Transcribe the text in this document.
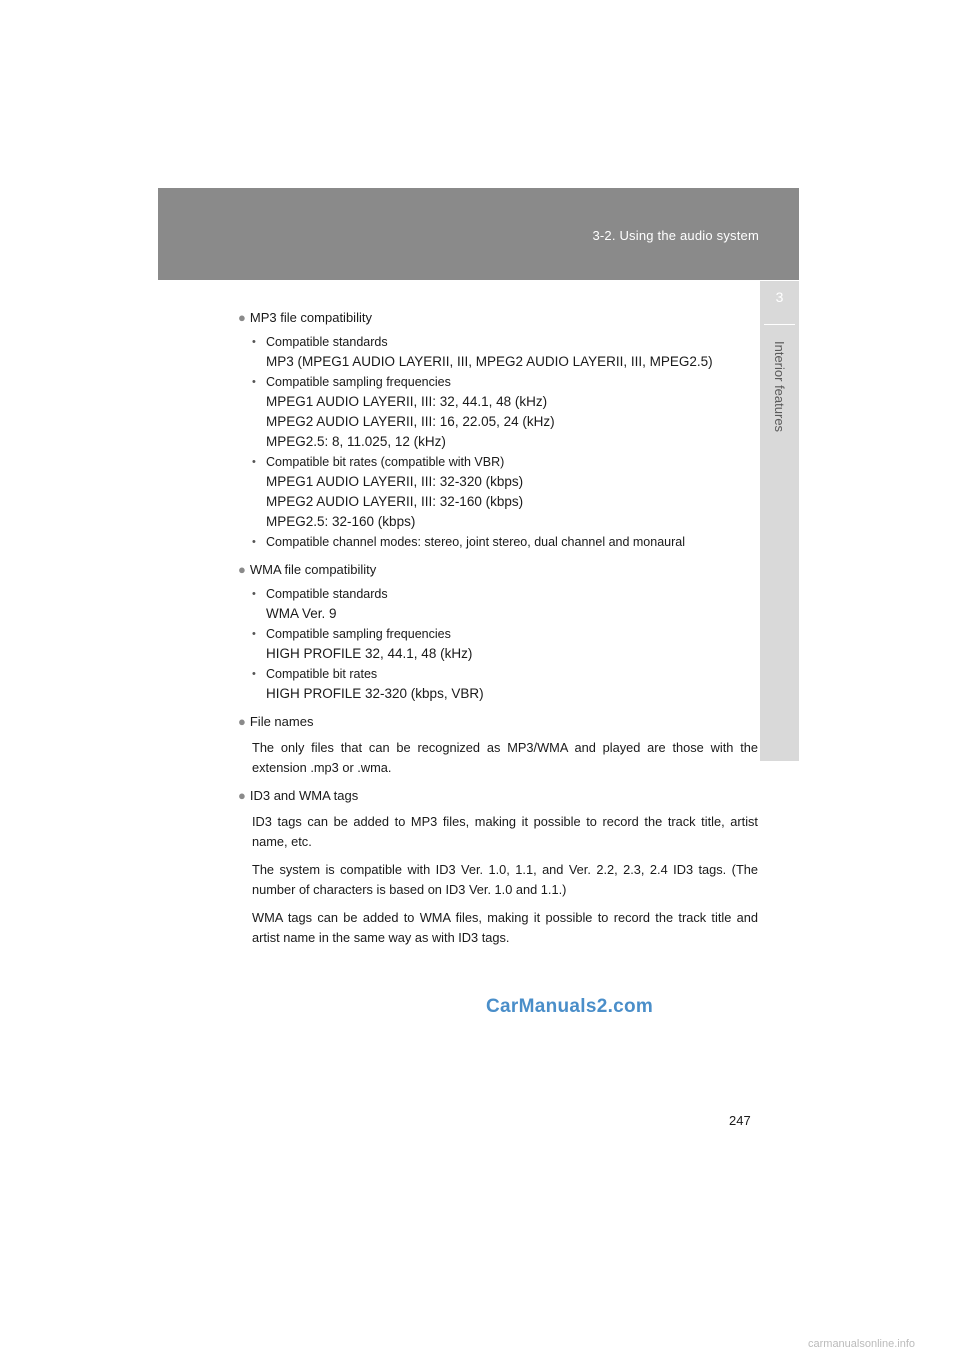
3-2. Using the audio system
3
Interior features
● MP3 file compatibility
• Compatible standards
MP3 (MPEG1 AUDIO LAYERII, III, MPEG2 AUDIO LAYERII, III, MPEG2.5)
• Compatible sampling frequencies
MPEG1 AUDIO LAYERII, III: 32, 44.1, 48 (kHz)
MPEG2 AUDIO LAYERII, III: 16, 22.05, 24 (kHz)
MPEG2.5: 8, 11.025, 12 (kHz)
• Compatible bit rates (compatible with VBR)
MPEG1 AUDIO LAYERII, III: 32-320 (kbps)
MPEG2 AUDIO LAYERII, III: 32-160 (kbps)
MPEG2.5: 32-160 (kbps)
• Compatible channel modes: stereo, joint stereo, dual channel and monaural
● WMA file compatibility
• Compatible standards
WMA Ver. 9
• Compatible sampling frequencies
HIGH PROFILE 32, 44.1, 48 (kHz)
• Compatible bit rates
HIGH PROFILE 32-320 (kbps, VBR)
● File names
The only files that can be recognized as MP3/WMA and played are those with the extension .mp3 or .wma.
● ID3 and WMA tags
ID3 tags can be added to MP3 files, making it possible to record the track title, artist name, etc.
The system is compatible with ID3 Ver. 1.0, 1.1, and Ver. 2.2, 2.3, 2.4 ID3 tags. (The number of characters is based on ID3 Ver. 1.0 and 1.1.)
WMA tags can be added to WMA files, making it possible to record the track title and artist name in the same way as with ID3 tags.
CarManuals2.com
247
carmanualsonline.info
